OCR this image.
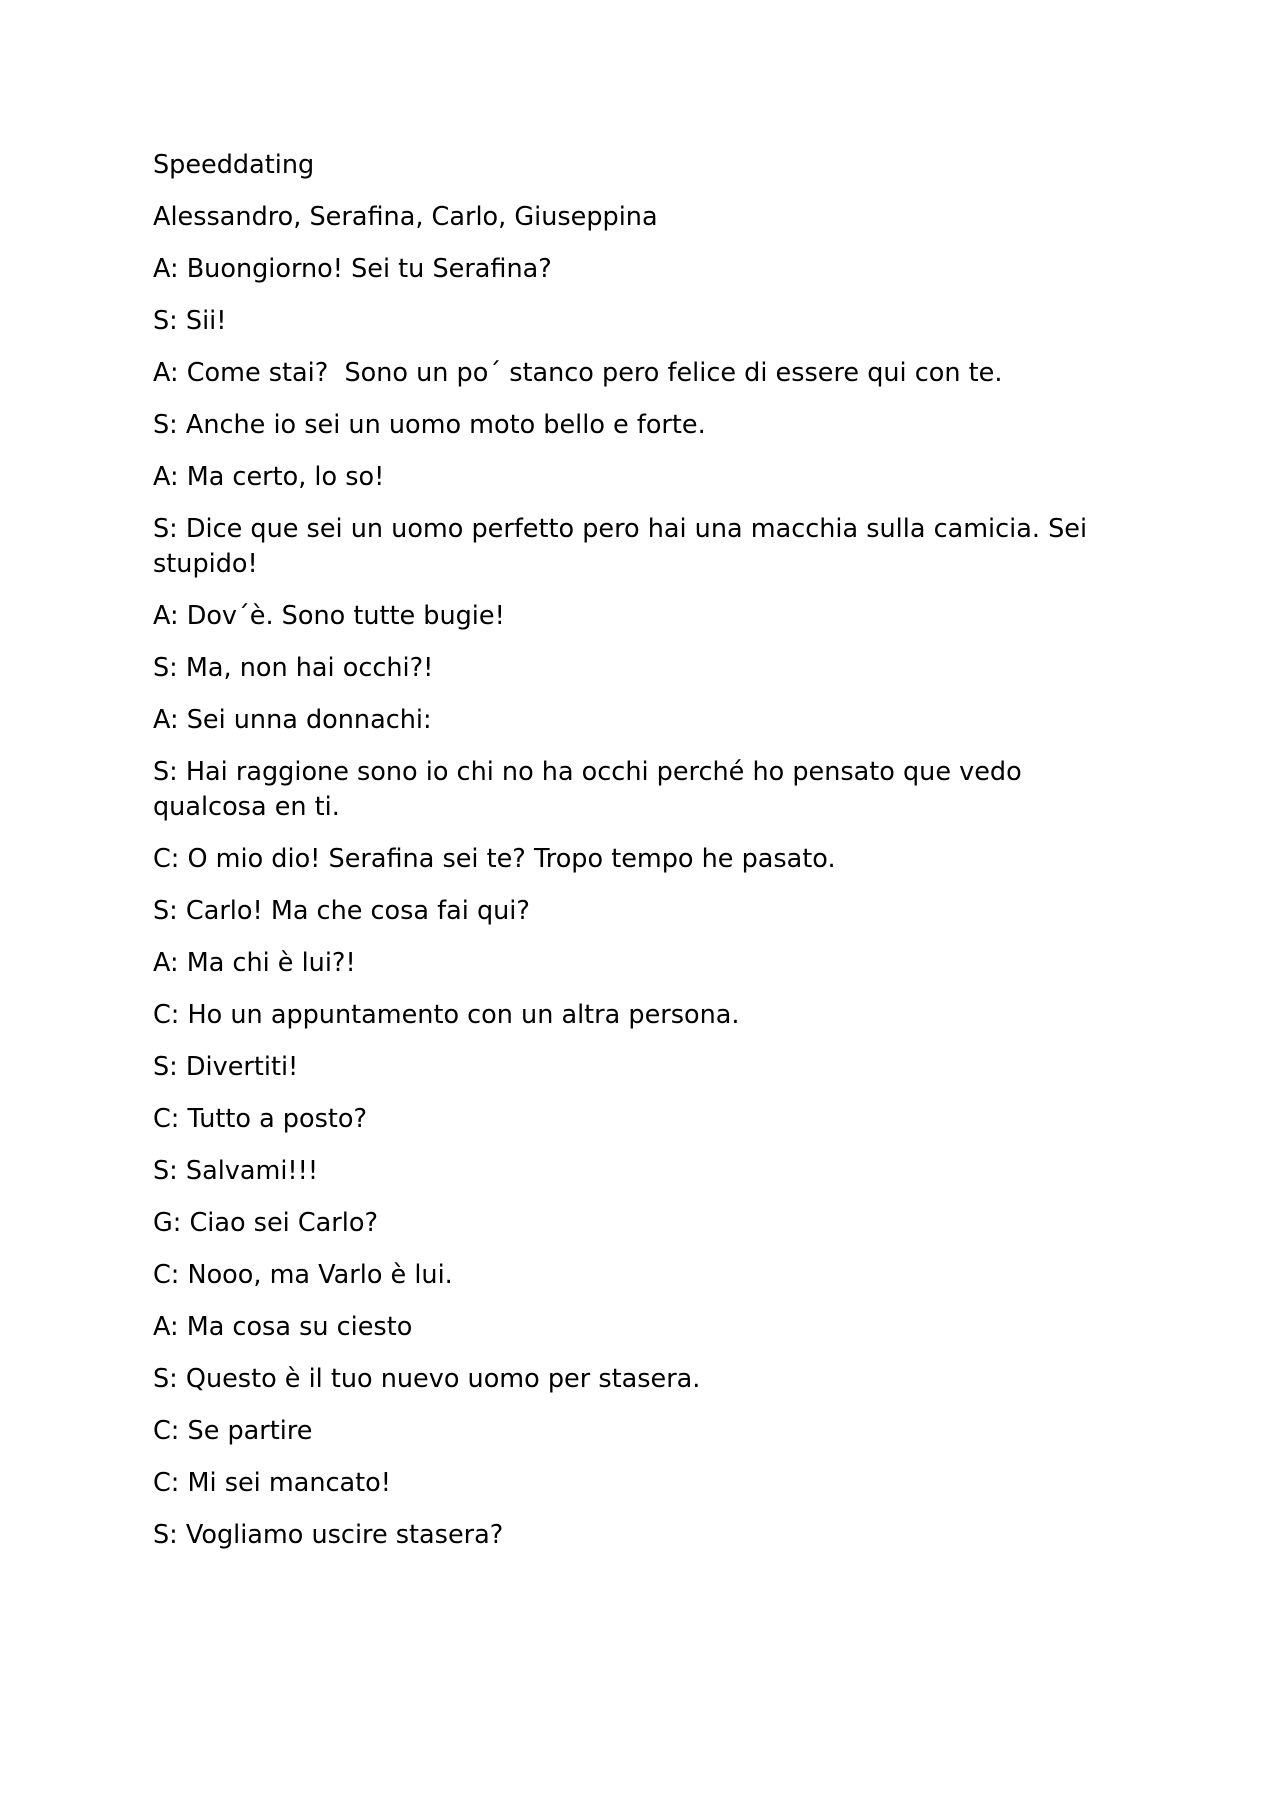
Speeddating

Alessandro, Serafina, Carlo, Giuseppina

A: Buongiorno! Sei tu Serafina?

S: Sii!

A: Come stai?  Sono un po´ stanco pero felice di essere qui con te.

S: Anche io sei un uomo moto bello e forte.

A: Ma certo, lo so!

S: Dice que sei un uomo perfetto pero hai una macchia sulla camicia. Sei stupido!

A: Dov´è. Sono tutte bugie!

S: Ma, non hai occhi?!

A: Sei unna donnachi:

S: Hai raggione sono io chi no ha occhi perché ho pensato que vedo qualcosa en ti.

C: O mio dio! Serafina sei te? Tropo tempo he pasato.

S: Carlo! Ma che cosa fai qui?

A: Ma chi è lui?!

C: Ho un appuntamento con un altra persona.

S: Divertiti!

C: Tutto a posto?

S: Salvami!!!

G: Ciao sei Carlo?

C: Nooo, ma Varlo è lui.

A: Ma cosa su ciesto

S: Questo è il tuo nuevo uomo per stasera.

C: Se partire

C: Mi sei mancato!

S: Vogliamo uscire stasera?
